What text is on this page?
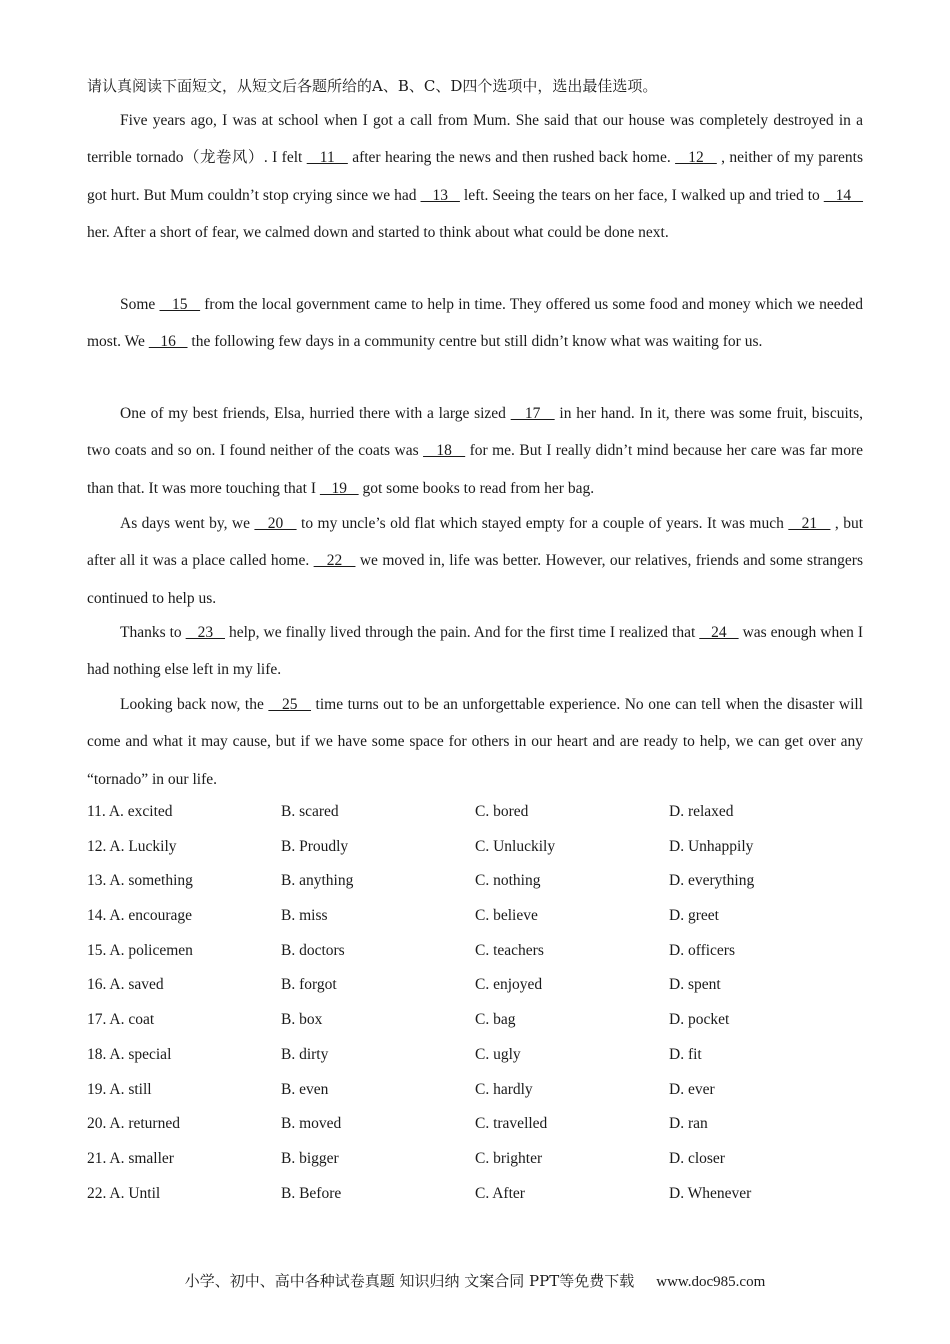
请认真阅读下面短文，从短文后各题所给的A、B、C、D四个选项中，选出最佳选项。

Five years ago, I was at school when I got a call from Mum. She said that our house was completely destroyed in a terrible tornado（龙卷风）. I felt    11    after hearing the news and then rushed back home.    12    , neither of my parents got hurt. But Mum couldn’t stop crying since we had    13    left. Seeing the tears on her face, I walked up and tried to    14    her. After a short of fear, we calmed down and started to think about what could be done next.

Some    15    from the local government came to help in time. They offered us some food and money which we needed most. We    16    the following few days in a community centre but still didn’t know what was waiting for us.

One of my best friends, Elsa, hurried there with a large sized    17    in her hand. In it, there was some fruit, biscuits, two coats and so on. I found neither of the coats was    18    for me. But I really didn’t mind because her care was far more than that. It was more touching that I    19    got some books to read from her bag.

As days went by, we    20    to my uncle’s old flat which stayed empty for a couple of years. It was much    21    , but after all it was a place called home.    22    we moved in, life was better. However, our relatives, friends and some strangers continued to help us.

Thanks to    23    help, we finally lived through the pain. And for the first time I realized that    24    was enough when I had nothing else left in my life.

Looking back now, the    25    time turns out to be an unforgettable experience. No one can tell when the disaster will come and what it may cause, but if we have some space for others in our heart and are ready to help, we can get over any “tornado” in our life.

11. A. excited	B. scared	C. bored	D. relaxed
12. A. Luckily	B. Proudly	C. Unluckily	D. Unhappily
13. A. something	B. anything	C. nothing	D. everything
14. A. encourage	B. miss	C. believe	D. greet
15. A. policemen	B. doctors	C. teachers	D. officers
16. A. saved	B. forgot	C. enjoyed	D. spent
17. A. coat	B. box	C. bag	D. pocket
18. A. special	B. dirty	C. ugly	D. fit
19. A. still	B. even	C. hardly	D. ever
20. A. returned	B. moved	C. travelled	D. ran
21. A. smaller	B. bigger	C. brighter	D. closer
22. A. Until	B. Before	C. After	D. Whenever
小学、初中、高中各种试卷真题 知识归纳 文案合同 PPT等免费下载 www.doc985.com
